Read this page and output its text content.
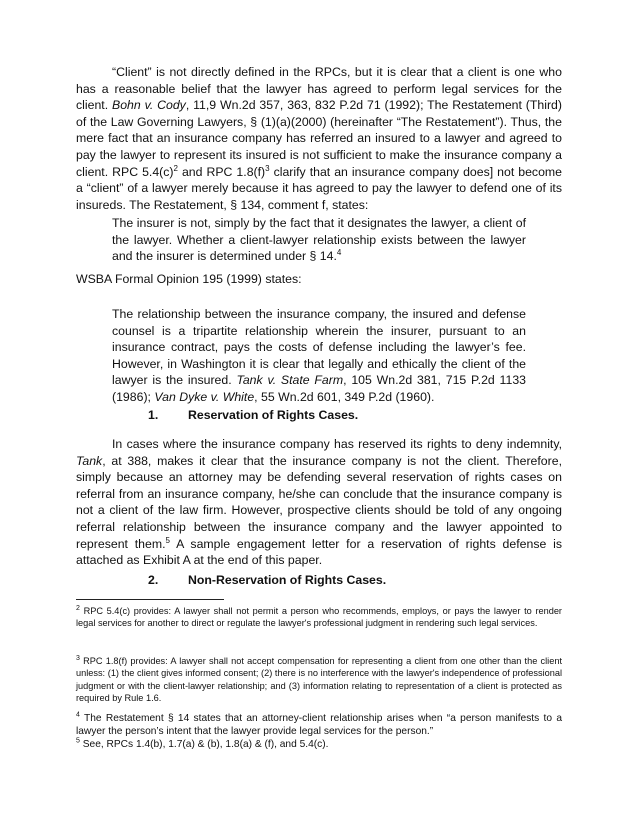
“Client” is not directly defined in the RPCs, but it is clear that a client is one who has a reasonable belief that the lawyer has agreed to perform legal services for the client. Bohn v. Cody, 11,9 Wn.2d 357, 363, 832 P.2d 71 (1992); The Restatement (Third) of the Law Governing Lawyers, § (1)(a)(2000) (hereinafter “The Restatement”). Thus, the mere fact that an insurance company has referred an insured to a lawyer and agreed to pay the lawyer to represent its insured is not sufficient to make the insurance company a client. RPC $5.4(c)^2$ and RPC $1.8(f)^3$ clarify that an insurance company does] not become a “client” of a lawyer merely because it has agreed to pay the lawyer to defend one of its insureds. The Restatement, § 134, comment f, states:

The insurer is not, simply by the fact that it designates the lawyer, a client of the lawyer. Whether a client-lawyer relationship exists between the lawyer and the insurer is determined under § 14.$^4$

WSBA Formal Opinion 195 (1999) states:

The relationship between the insurance company, the insured and defense counsel is a tripartite relationship wherein the insurer, pursuant to an insurance contract, pays the costs of defense including the lawyer’s fee. However, in Washington it is clear that legally and ethically the client of the lawyer is the insured. Tank v. State Farm, 105 Wn.2d 381, 715 P.2d 1133 (1986); Van Dyke v. White, 55 Wn.2d 601, 349 P.2d (1960).

1. Reservation of Rights Cases.

In cases where the insurance company has reserved its rights to deny indemnity, Tank, at 388, makes it clear that the insurance company is not the client. Therefore, simply because an attorney may be defending several reservation of rights cases on referral from an insurance company, he/she can conclude that the insurance company is not a client of the law firm. However, prospective clients should be told of any ongoing referral relationship between the insurance company and the lawyer appointed to represent them.$^5$ A sample engagement letter for a reservation of rights defense is attached as Exhibit A at the end of this paper.

2. Non-Reservation of Rights Cases.

$^2$ RPC 5.4(c) provides: A lawyer shall not permit a person who recommends, employs, or pays the lawyer to render legal services for another to direct or regulate the lawyer's professional judgment in rendering such legal services.

$^3$ RPC 1.8(f) provides: A lawyer shall not accept compensation for representing a client from one other than the client unless: (1) the client gives informed consent; (2) there is no interference with the lawyer's independence of professional judgment or with the client-lawyer relationship; and (3) information relating to representation of a client is protected as required by Rule 1.6.

$^4$ The Restatement § 14 states that an attorney-client relationship arises when “a person manifests to a lawyer the person’s intent that the lawyer provide legal services for the person.”

$^5$ See, RPCs 1.4(b), 1.7(a) & (b), 1.8(a) & (f), and 5.4(c).
